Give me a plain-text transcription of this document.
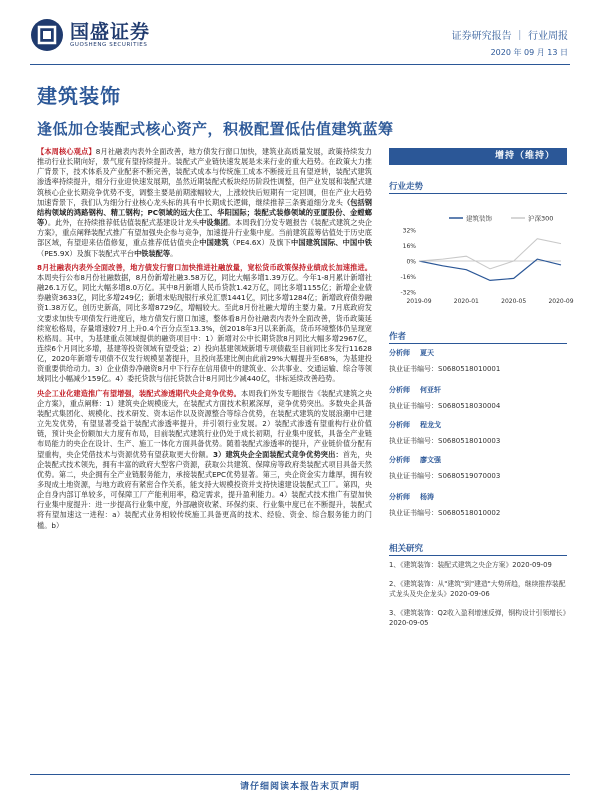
国盛证券
GUOSHENG SECURITIES
证券研究报告 ｜ 行业周报
2020 年 09 月 13 日
建筑装饰
逢低加仓装配式核心资产，积极配置低估值建筑蓝筹

【本周核心观点】8月社融表内表外全面改善，地方债发行窗口加快，建筑业高质量发展，政策持续发力推动行业长期向好，景气度有望持续提升。装配式产业链快速发展是未来行业的重大趋势。在政策大力推广背景下，技术体系及产业配套不断完善，装配式成本与传统施工成本不断接近且有望逆转，装配式建筑渗透率持续提升，细分行业迎快速发展期，虽然近期装配式板块经历阶段性调整，但产业发展和装配式建筑核心企业长期竞争优势不变，调整主要是前期涨幅较大，上涨较快后短期有一定回调，但在产业大趋势加速背景下，我们认为细分行业核心龙头标的具有中长期成长逻辑，继续推荐三条赛道细分龙头（包括钢结构领域的鸿路钢构、精工钢构；PC领域的远大住工、华阳国际；装配式装修领域的亚厦股份、金螳螂等）。此外，在持续推荐低估值装配式基建设计龙头中设集团。本周我们分发专题报告《装配式建筑之央企方案》，重点阐释装配式推广有望加强央企参与竞争，加速提升行业集中度。当前建筑蓝筹估值处于历史底部区域，有望迎来估值修复，重点推荐低估值央企中国建筑（PE4.6X）及旗下中国建筑国际、中国中铁（PE5.9X）及旗下装配式平台中铁装配等。

8月社融表内表外全面改善，地方债发行窗口加快推进社融放量，宽松货币政策保持业绩成长加速推进。本周央行公布8月份社融数据，8月份新增社融3.58万亿，同比大幅多增1.39万亿。今年1-8月累计新增社融26.1万亿，同比大幅多增8.0万亿。其中8月新增人民币贷款1.42万亿，同比多增1155亿；新增企业债券融资3633亿，同比多增249亿；新增未贴现银行承兑汇票1441亿，同比多增1284亿；新增政府债券融资1.38万亿，创历史新高，同比多增8729亿，增幅较大。至此8月份社融大增的主要力量。7月底政府发文要求加快专项债发行进度后，地方债发行窗口加速，整体看8月份社融表内表外全面改善，货币政策延续宽松格局，存量增速较7月上升0.4个百分点至13.3%，创2018年3月以来新高，货币环境整体仍呈现宽松格局。其中，为基建重点领域提供的融资项目中：1）新增对公中长期贷款8月同比大幅多增2967亿，连续6个月同比多增，基建等投资领域有望受益；2）投向基建领域新增专项债截至目前同比多发行11628亿，2020年新增专项债不仅发行规模显著提升，且投向基建比例由此前29%大幅提升至68%，为基建投资重要供给动力。3）企业债券净融资8月中下行存在信用债中的建筑业、公共事业、交通运输、综合等领域同比小幅减少159亿。4）委托贷款与信托贷款合计8月同比少减440亿，非标延续改善趋势。

央企工业化建造推广有望增强，装配式渗透期代央企竞争优势。本周我们外发专题报告《装配式建筑之央企方案》，重点阐释：1）建筑央企规模庞大，在装配式方面技术积累深厚，竞争优势突出。多数央企具备装配式集团化、规模化、技术研发、资本运作以及资源整合等综合优势，在装配式建筑的发展浪潮中已建立先发优势，有望显著受益于装配式渗透率提升，并引领行业发展。2）装配式渗透有望重构行业价值链，预计央企份额加大力度有布局，目前装配式建筑行业仍处于成长初期，行业集中度低，具备全产业链布局能力的央企在设计、生产、施工一体化方面具备优势。随着装配式渗透率的提升，产业链价值分配有望重构，央企凭借技术与资源优势有望获取更大份额。3）建筑央企全面装配式竞争优势突出：首先，央企装配式技术领先，拥有丰富的政府大型客户资源，获取公共建筑、保障房等政府类装配式项目具备天然优势。第二，央企拥有全产业链服务能力，承接装配式EPC优势显著。第三，央企资金实力雄厚，拥有较多现成土地资源，与地方政府有紧密合作关系，能支持大规模投资并支持快速建设装配式工厂。第四，央企自身内部订单较多，可保障工厂产能利用率，稳定需求，提升盈利能力。4）装配式技术推广有望加快行业集中度提升：进一步提高行业集中度，外部融资收紧、环保约束、行业集中度已在不断提升，装配式将有望加速这一进程：a）装配式业务相较传统施工具备更高的技术、经验、资金、综合服务能力的门槛。b）

增持（维持）
行业走势
32%
16%
0%
-16%
-32%
2019-09	2020-01	2020-05	2020-09
建筑装饰	沪深300
作者
分析师 夏天
执业证书编号：S0680518010001
分析师 何亚轩
执业证书编号：S0680518030004
分析师 程龙戈
执业证书编号：S0680518010003
分析师 廖文强
执业证书编号：S0680519070003
分析师 杨涛
执业证书编号：S0680518010002
相关研究
1、《建筑装饰：装配式建筑之央企方案》2020-09-09
2、《建筑装饰：从"建筑"到"建造"大势所趋，继续推荐装配式龙头及央企龙头》2020-09-06
3、《建筑装饰：Q2收入盈利增速反弹，钢构设计引领增长》2020-09-05
请仔细阅读本报告末页声明
